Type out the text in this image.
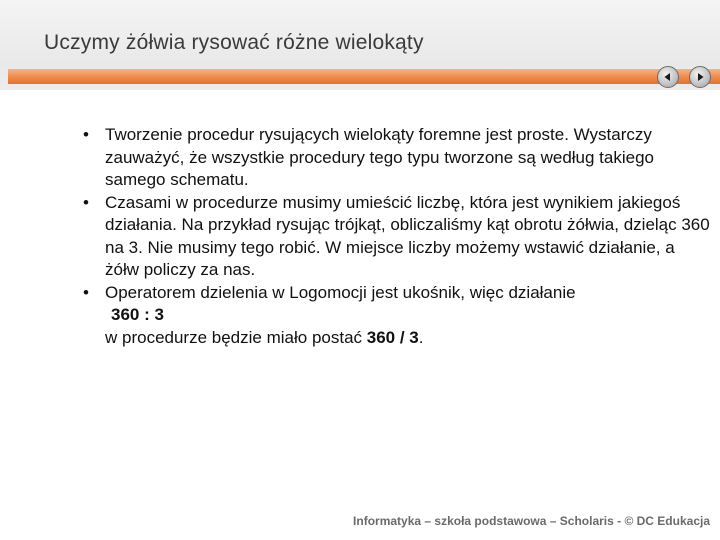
Uczymy żółwia rysować różne wielokąty
• Tworzenie procedur rysujących wielokąty foremne jest proste. Wystarczy zauważyć, że wszystkie procedury tego typu tworzone są według takiego samego schematu.
• Czasami w procedurze musimy umieścić liczbę, która jest wynikiem jakiegoś działania. Na przykład rysując trójkąt, obliczaliśmy kąt obrotu żółwia, dzieląc 360 na 3. Nie musimy tego robić. W miejsce liczby możemy wstawić działanie, a żółw policzy za nas.
• Operatorem dzielenia w Logomocji jest ukośnik, więc działanie
360 : 3
w procedurze będzie miało postać 360 / 3.
Informatyka – szkoła podstawowa – Scholaris - © DC Edukacja
